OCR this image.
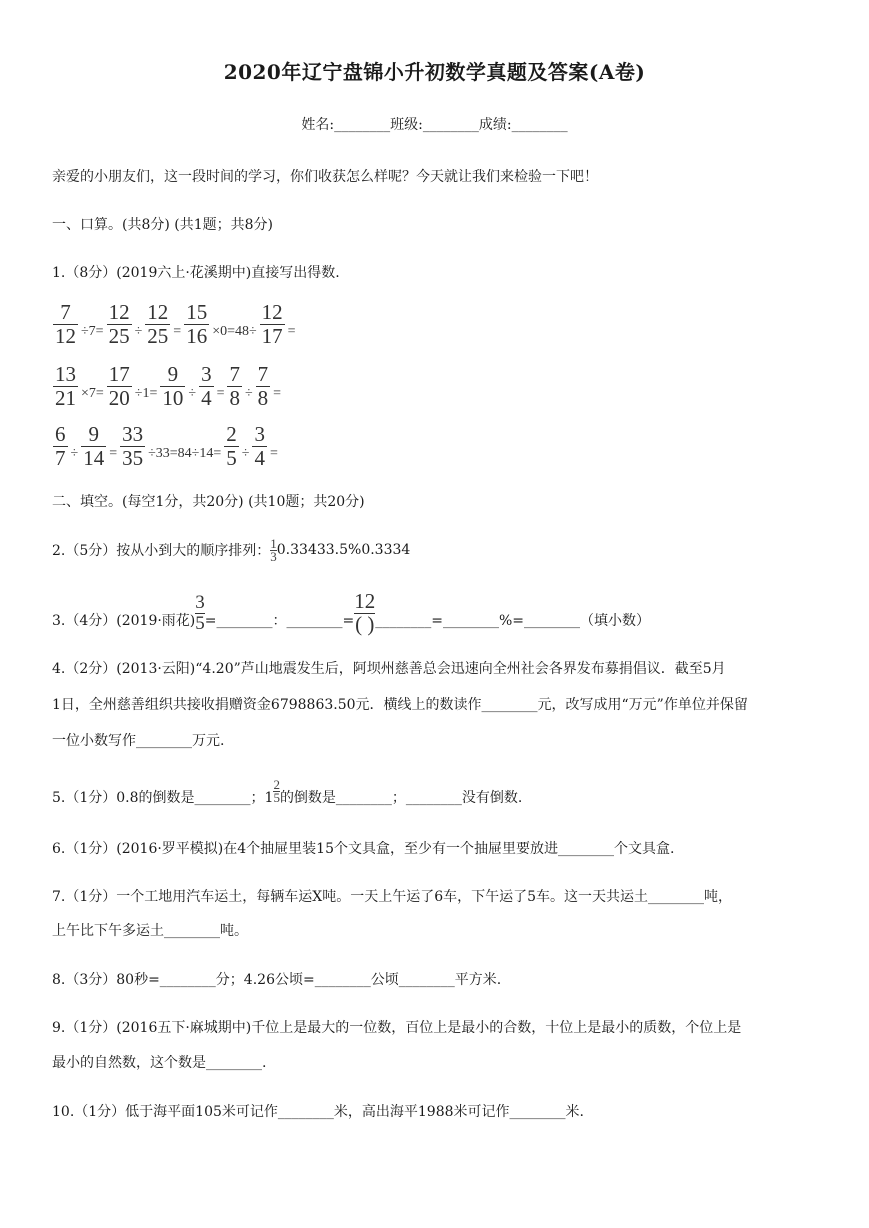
2020年辽宁盘锦小升初数学真题及答案(A卷)
姓名:________班级:________成绩:________
亲爱的小朋友们，这一段时间的学习，你们收获怎么样呢？今天就让我们来检验一下吧！
一、口算。(共8分) (共1题；共8分)
1.（8分）(2019六上·花溪期中)直接写出得数.
$\frac{7}{12} \div 7= \frac{12}{25} \div \frac{12}{25} = \frac{15}{16} \times 0=48\div \frac{12}{17}$ =
$\frac{13}{21} \times 7= \frac{17}{20} \div 1= \frac{9}{10} \div \frac{3}{4} = \frac{7}{8} \div \frac{7}{8}$ =
$\frac{6}{7} \div \frac{9}{14} = \frac{33}{35} \div 33=84\div 14= \frac{2}{5} \div \frac{3}{4}$ =
二、填空。(每空1分，共20分) (共10题；共20分)
2.（5分）按从小到大的顺序排列： 1
3 0.33433.5%0.3334
3.（4分）(2019·雨花)
3
5 =________：________=
12
( ) ________=________%=________（填小数）
4.（2分）(2013·云阳)“4.20”芦山地震发生后，阿坝州慈善总会迅速向全州社会各界发布募捐倡议．截至5月
1日，全州慈善组织共接收捐赠资金6798863.50元．横线上的数读作________元，改写成用“万元”作单位并保留
一位小数写作________万元.
5.（1分）0.8的倒数是________；1
2
5 的倒数是________；________没有倒数.
6.（1分）(2016·罗平模拟)在4个抽屉里装15个文具盒，至少有一个抽屉里要放进________个文具盒.
7.（1分）一个工地用汽车运土，每辆车运X吨。一天上午运了6车，下午运了5车。这一天共运土________吨，
上午比下午多运土________吨。
8.（3分）80秒=________分；4.26公顷=________公顷________平方米.
9.（1分）(2016五下·麻城期中)千位上是最大的一位数，百位上是最小的合数，十位上是最小的质数，个位上是
最小的自然数，这个数是________.
10.（1分）低于海平面105米可记作________米，高出海平1988米可记作________米.
